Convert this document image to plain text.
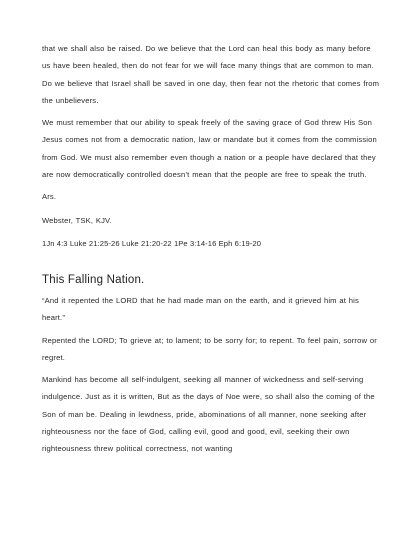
that we shall also be raised. Do we believe that the Lord can heal this body as many before us have been healed, then do not fear for we will face many things that are common to man. Do we believe that Israel shall be saved in one day, then fear not the rhetoric that comes from the unbelievers.

We must remember that our ability to speak freely of the saving grace of God threw His Son Jesus comes not from a democratic nation, law or mandate but it comes from the commission from God. We must also remember even though a nation or a people have declared that they are now democratically controlled doesn’t mean that the people are free to speak the truth.

Ars.

Webster, TSK, KJV.

1Jn 4:3 Luke 21:25-26 Luke 21:20-22 1Pe 3:14-16 Eph 6:19-20

This Falling Nation.

“And it repented the LORD that he had made man on the earth, and it grieved him at his heart.”

Repented the LORD; To grieve at; to lament; to be sorry for; to repent. To feel pain, sorrow or regret.

Mankind has become all self-indulgent, seeking all manner of wickedness and self-serving indulgence. Just as it is written, But as the days of Noe were, so shall also the coming of the Son of man be. Dealing in lewdness, pride, abominations of all manner, none seeking after righteousness nor the face of God, calling evil, good and good, evil, seeking their own righteousness threw political correctness, not wanting
